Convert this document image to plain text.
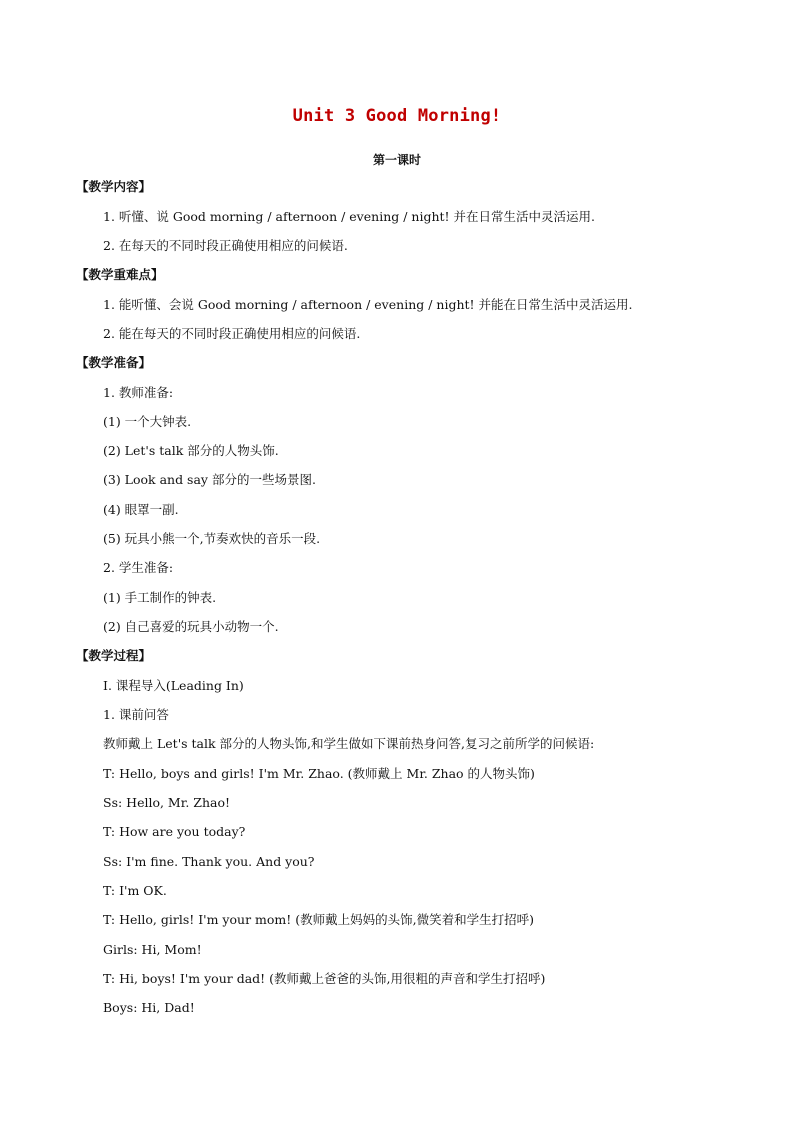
Unit 3 Good Morning!
第一课时
【教学内容】
1. 听懂、说 Good morning / afternoon / evening / night! 并在日常生活中灵活运用.
2. 在每天的不同时段正确使用相应的问候语.
【教学重难点】
1. 能听懂、会说 Good morning / afternoon / evening / night! 并能在日常生活中灵活运用.
2. 能在每天的不同时段正确使用相应的问候语.
【教学准备】
1. 教师准备:
(1) 一个大钟表.
(2) Let's talk 部分的人物头饰.
(3) Look and say 部分的一些场景图.
(4) 眼罩一副.
(5) 玩具小熊一个,节奏欢快的音乐一段.
2. 学生准备:
(1) 手工制作的钟表.
(2) 自己喜爱的玩具小动物一个.
【教学过程】
Ⅰ. 课程导入(Leading In)
1. 课前问答
教师戴上 Let's talk 部分的人物头饰,和学生做如下课前热身问答,复习之前所学的问候语:
T: Hello, boys and girls! I'm Mr. Zhao. (教师戴上 Mr. Zhao 的人物头饰)
Ss: Hello, Mr. Zhao!
T: How are you today?
Ss: I'm fine. Thank you. And you?
T: I'm OK.
T: Hello, girls! I'm your mom! (教师戴上妈妈的头饰,微笑着和学生打招呼)
Girls: Hi, Mom!
T: Hi, boys! I'm your dad! (教师戴上爸爸的头饰,用很粗的声音和学生打招呼)
Boys: Hi, Dad!
